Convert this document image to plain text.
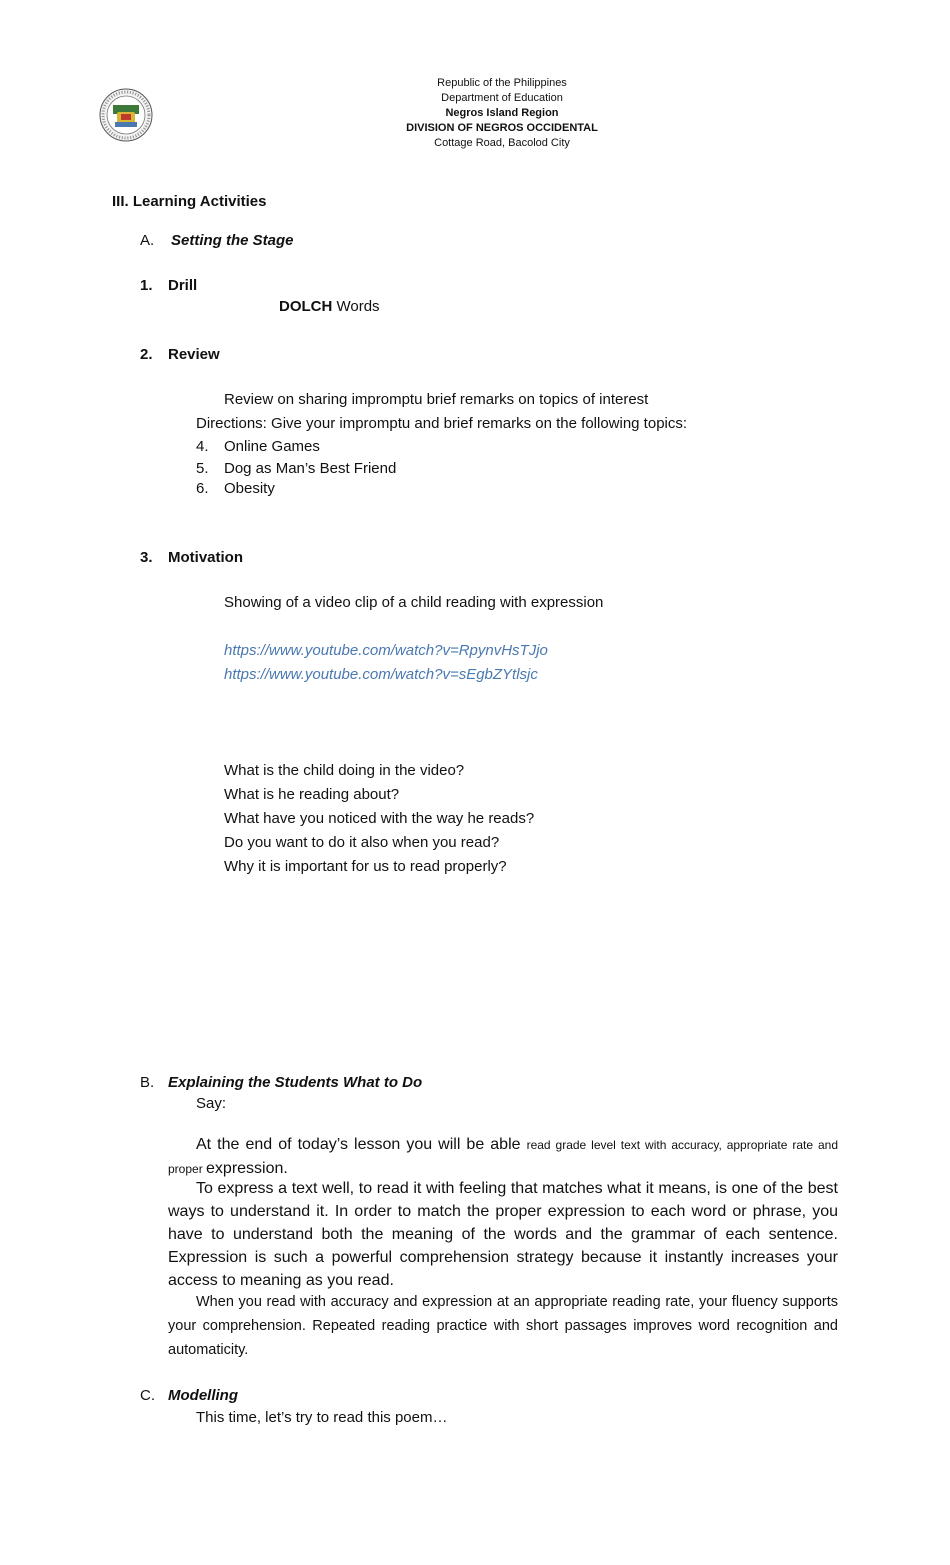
Republic of the Philippines
Department of Education
Negros Island Region
DIVISION OF NEGROS OCCIDENTAL
Cottage Road, Bacolod City
III. Learning Activities
A. Setting the Stage
1. Drill
DOLCH Words
2. Review
Review on sharing impromptu brief remarks on topics of interest
Directions: Give your impromptu and brief remarks on the following topics:
4. Online Games
5. Dog as Man’s Best Friend
6. Obesity
3. Motivation
Showing of a video clip of a child reading with expression
https://www.youtube.com/watch?v=RpynvHsTJjo
https://www.youtube.com/watch?v=sEgbZYtlsjc
What is the child doing in the video?
What is he reading about?
What have you noticed with the way he reads?
Do you want to do it also when you read?
Why it is important for us to read properly?
B. Explaining the Students What to Do
Say:
At the end of today’s lesson you will be able read grade level text with accuracy, appropriate rate and proper expression.
To express a text well, to read it with feeling that matches what it means, is one of the best ways to understand it. In order to match the proper expression to each word or phrase, you have to understand both the meaning of the words and the grammar of each sentence. Expression is such a powerful comprehension strategy because it instantly increases your access to meaning as you read.
When you read with accuracy and expression at an appropriate reading rate, your fluency supports your comprehension. Repeated reading practice with short passages improves word recognition and automaticity.
C. Modelling
This time, let’s try to read this poem…
